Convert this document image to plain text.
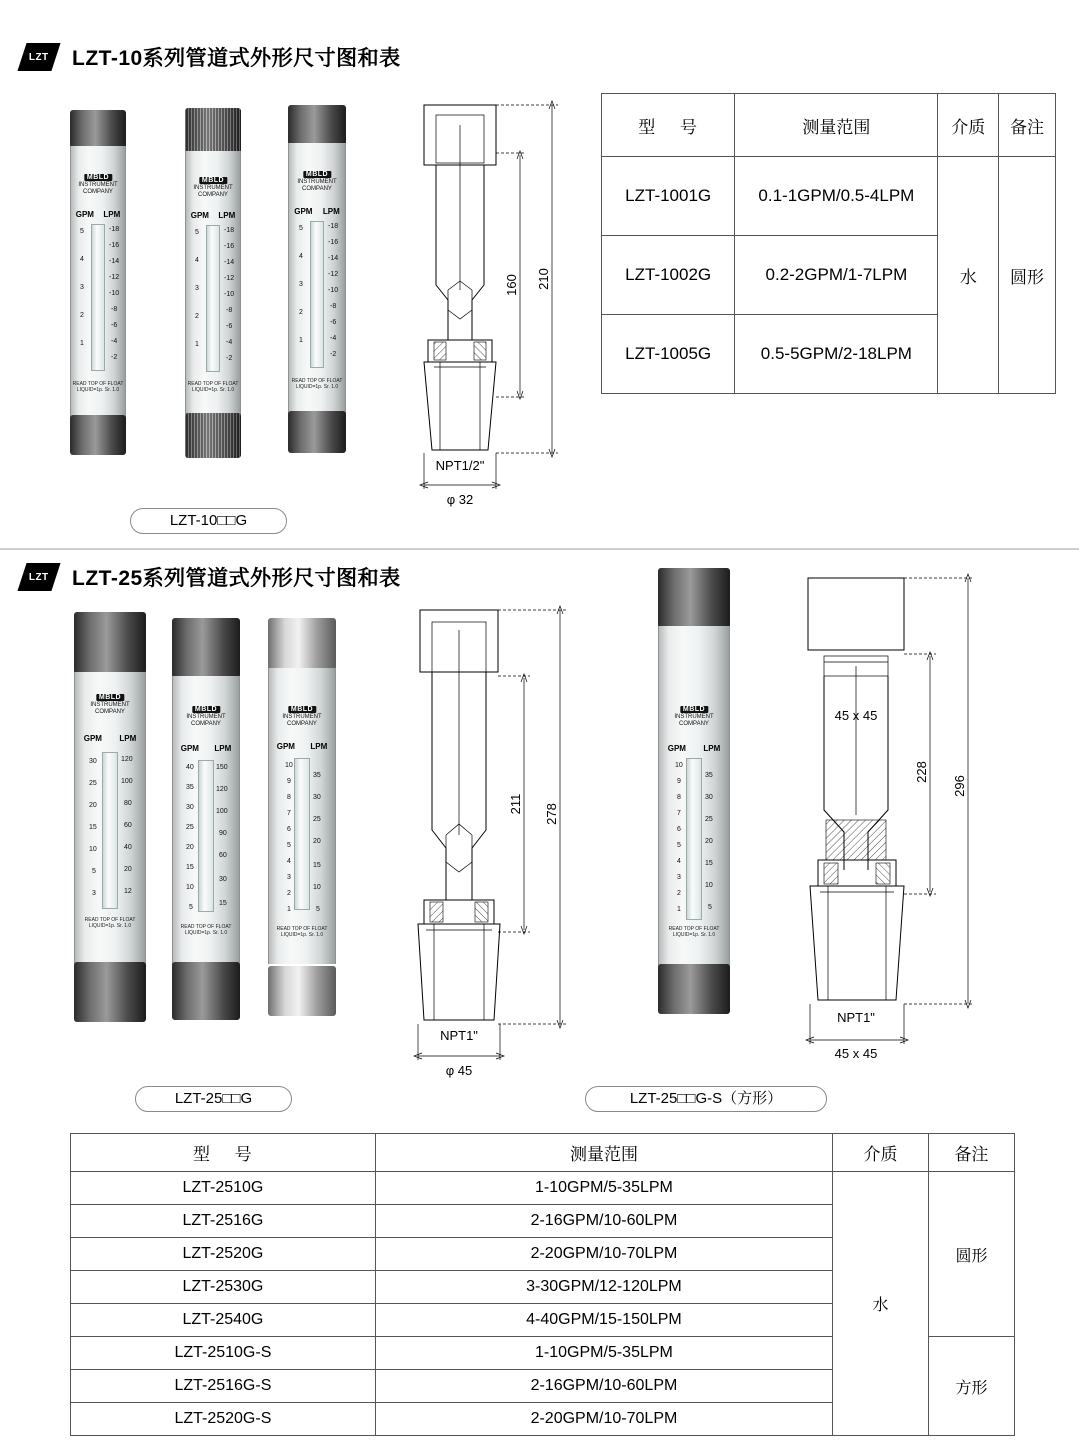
LZT LZT-10系列管道式外形尺寸图和表
MBLD
INSTRUMENT
COMPANY
GPM LPM
5
4
3
2
1
-18
-16
-14
-12
-10
-8
-6
-4
-2
READ TOP OF FLOAT
LIQUID=1p. Sr. 1.0
MBLD
INSTRUMENT
COMPANY
GPM LPM
5
4
3
2
1
-18
-16
-14
-12
-10
-8
-6
-4
-2
READ TOP OF FLOAT
LIQUID=1p. Sr. 1.0
MBLD
INSTRUMENT
COMPANY
GPM LPM
5
4
3
2
1
-18
-16
-14
-12
-10
-8
-6
-4
-2
READ TOP OF FLOAT
LIQUID=1p. Sr. 1.0
LZT-10□□G
160 210
NPT1/2"
φ 32
型 号	测量范围	介质	备注
LZT-1001G	0.1-1GPM/0.5-4LPM	水	圆形
LZT-1002G	0.2-2GPM/1-7LPM		
LZT-1005G	0.5-5GPM/2-18LPM		
LZT LZT-25系列管道式外形尺寸图和表
MBLD
INSTRUMENT
COMPANY
GPM LPM
30
25
20
15
10
5
3
120
100
80
60
40
20
12
READ TOP OF FLOAT
LIQUID=1p. Sr. 1.0
MBLD
INSTRUMENT
COMPANY
GPM LPM
40
35
30
25
20
15
10
5
150
120
100
90
60
30
15
READ TOP OF FLOAT
LIQUID=1p. Sr. 1.0
MBLD
INSTRUMENT
COMPANY
GPM LPM
10
9
8
7
6
5
4
3
2
1
35
30
25
20
15
10
5
READ TOP OF FLOAT
LIQUID=1p. Sr. 1.0
MBLD
INSTRUMENT
COMPANY
GPM LPM
10
9
8
7
6
5
4
3
2
1
35
30
25
20
15
10
5
READ TOP OF FLOAT
LIQUID=1p. Sr. 1.0
211 278
NPT1"
φ 45
45 x 45
228
296
NPT1"
45 x 45
LZT-25□□G	LZT-25□□G-S（方形）
型 号	测量范围	介质	备注
LZT-2510G	1-10GPM/5-35LPM	水	圆形
LZT-2516G	2-16GPM/10-60LPM		
LZT-2520G	2-20GPM/10-70LPM		
LZT-2530G	3-30GPM/12-120LPM		
LZT-2540G	4-40GPM/15-150LPM		
LZT-2510G-S	1-10GPM/5-35LPM		方形
LZT-2516G-S	2-16GPM/10-60LPM		
LZT-2520G-S	2-20GPM/10-70LPM		
